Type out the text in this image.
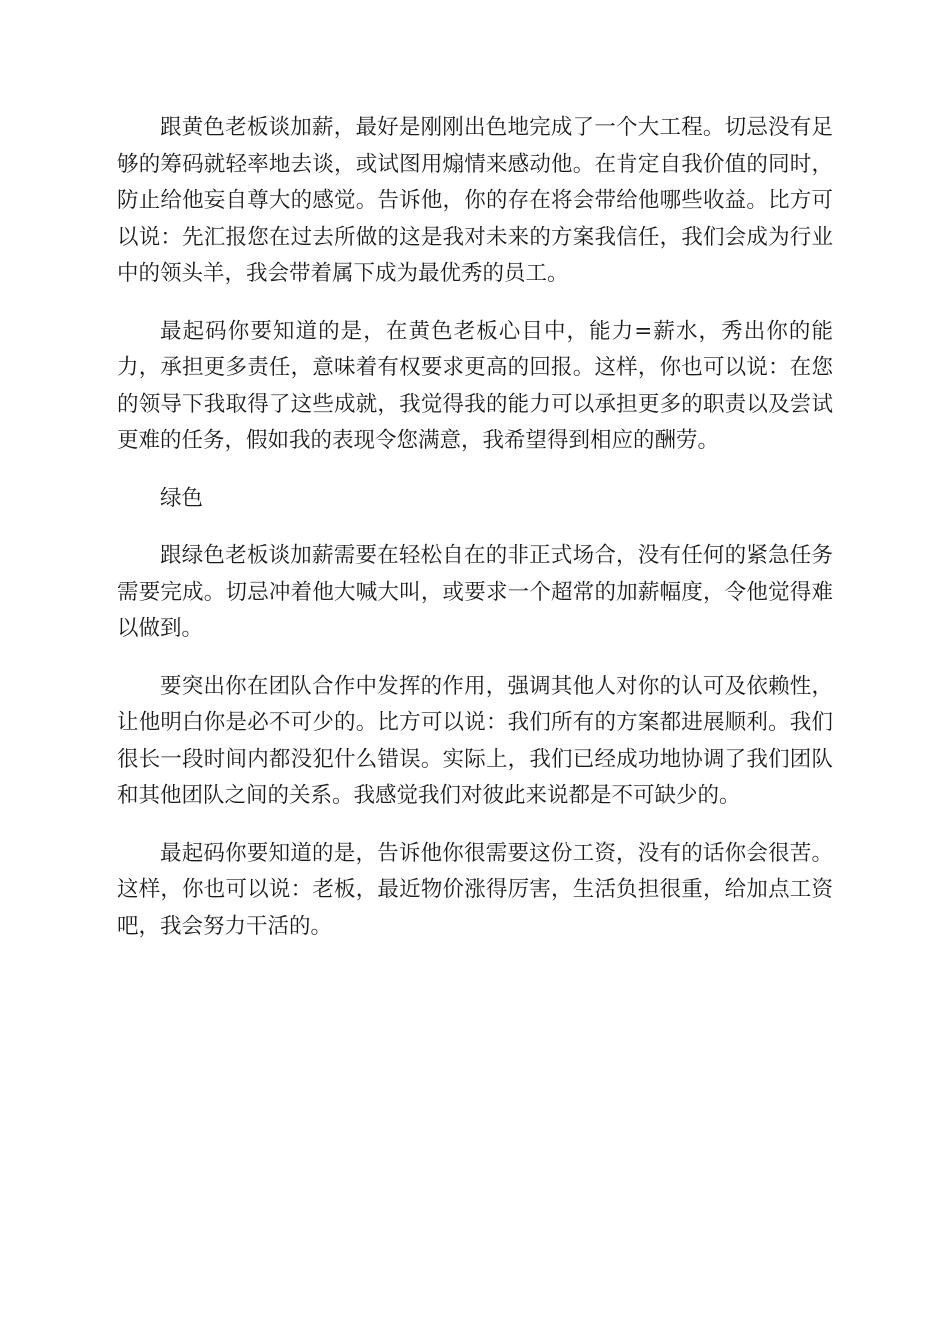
跟黄色老板谈加薪，最好是刚刚出色地完成了一个大工程。切忌没有足够的筹码就轻率地去谈，或试图用煽情来感动他。在肯定自我价值的同时，防止给他妄自尊大的感觉。告诉他，你的存在将会带给他哪些收益。比方可以说：先汇报您在过去所做的这是我对未来的方案我信任，我们会成为行业中的领头羊，我会带着属下成为最优秀的员工。

最起码你要知道的是，在黄色老板心目中，能力=薪水，秀出你的能力，承担更多责任，意味着有权要求更高的回报。这样，你也可以说：在您的领导下我取得了这些成就，我觉得我的能力可以承担更多的职责以及尝试更难的任务，假如我的表现令您满意，我希望得到相应的酬劳。

绿色

跟绿色老板谈加薪需要在轻松自在的非正式场合，没有任何的紧急任务需要完成。切忌冲着他大喊大叫，或要求一个超常的加薪幅度，令他觉得难以做到。

要突出你在团队合作中发挥的作用，强调其他人对你的认可及依赖性，让他明白你是必不可少的。比方可以说：我们所有的方案都进展顺利。我们很长一段时间内都没犯什么错误。实际上，我们已经成功地协调了我们团队和其他团队之间的关系。我感觉我们对彼此来说都是不可缺少的。

最起码你要知道的是，告诉他你很需要这份工资，没有的话你会很苦。这样，你也可以说：老板，最近物价涨得厉害，生活负担很重，给加点工资吧，我会努力干活的。
